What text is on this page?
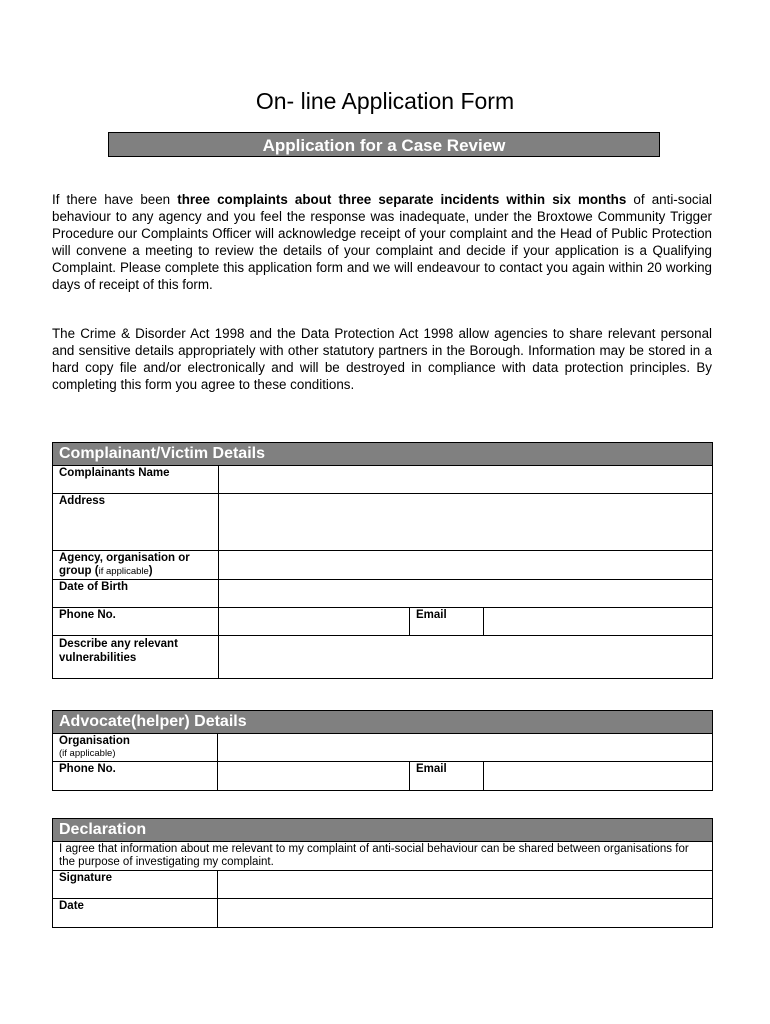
On- line Application Form
Application for a Case Review
If there have been three complaints about three separate incidents within six months of anti-social behaviour to any agency and you feel the response was inadequate, under the Broxtowe Community Trigger Procedure our Complaints Officer will acknowledge receipt of your complaint and the Head of Public Protection will convene a meeting to review the details of your complaint and decide if your application is a Qualifying Complaint. Please complete this application form and we will endeavour to contact you again within 20 working days of receipt of this form.
The Crime & Disorder Act 1998 and the Data Protection Act 1998 allow agencies to share relevant personal and sensitive details appropriately with other statutory partners in the Borough. Information may be stored in a hard copy file and/or electronically and will be destroyed in compliance with data protection principles. By completing this form you agree to these conditions.
Complainant/Victim Details			
Complainants Name			
Address			
Agency, organisation or group (if applicable)			
Date of Birth			
Phone No.		Email	
Describe any relevant vulnerabilities			
Advocate(helper) Details			
Organisation
(if applicable)			
Phone No.		Email	
Declaration	
I agree that information about me relevant to my complaint of anti-social behaviour can be shared between organisations for the purpose of investigating my complaint.	
Signature	
Date	
